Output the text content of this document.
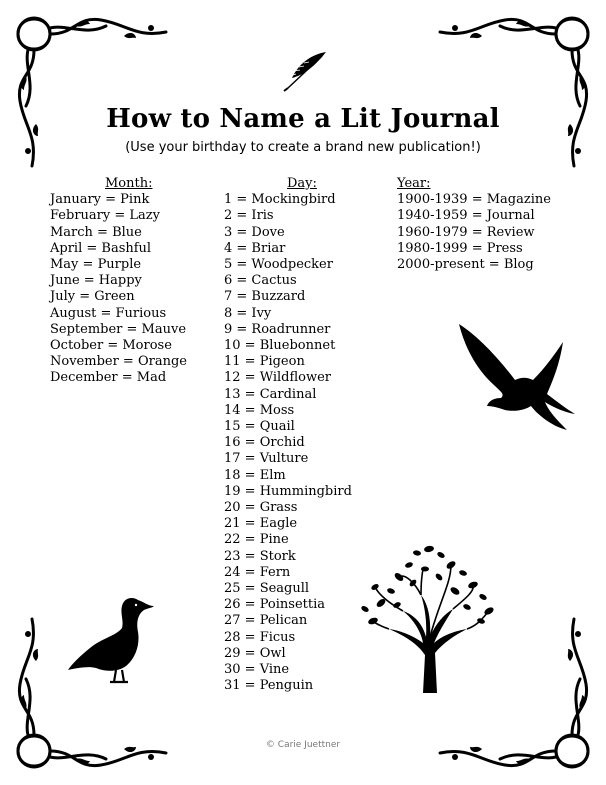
How to Name a Lit Journal
(Use your birthday to create a brand new publication!)
Month:
January = Pink
February = Lazy
March = Blue
April = Bashful
May = Purple
June = Happy
July = Green
August = Furious
September = Mauve
October = Morose
November = Orange
December = Mad
Day:
1 = Mockingbird
2 = Iris
3 = Dove
4 = Briar
5 = Woodpecker
6 = Cactus
7 = Buzzard
8 = Ivy
9 = Roadrunner
10 = Bluebonnet
11 = Pigeon
12 = Wildflower
13 = Cardinal
14 = Moss
15 = Quail
16 = Orchid
17 = Vulture
18 = Elm
19 = Hummingbird
20 = Grass
21 = Eagle
22 = Pine
23 = Stork
24 = Fern
25 = Seagull
26 = Poinsettia
27 = Pelican
28 = Ficus
29 = Owl
30 = Vine
31 = Penguin
Year:
1900-1939 = Magazine
1940-1959 = Journal
1960-1979 = Review
1980-1999 = Press
2000-present = Blog
© Carie Juettner
